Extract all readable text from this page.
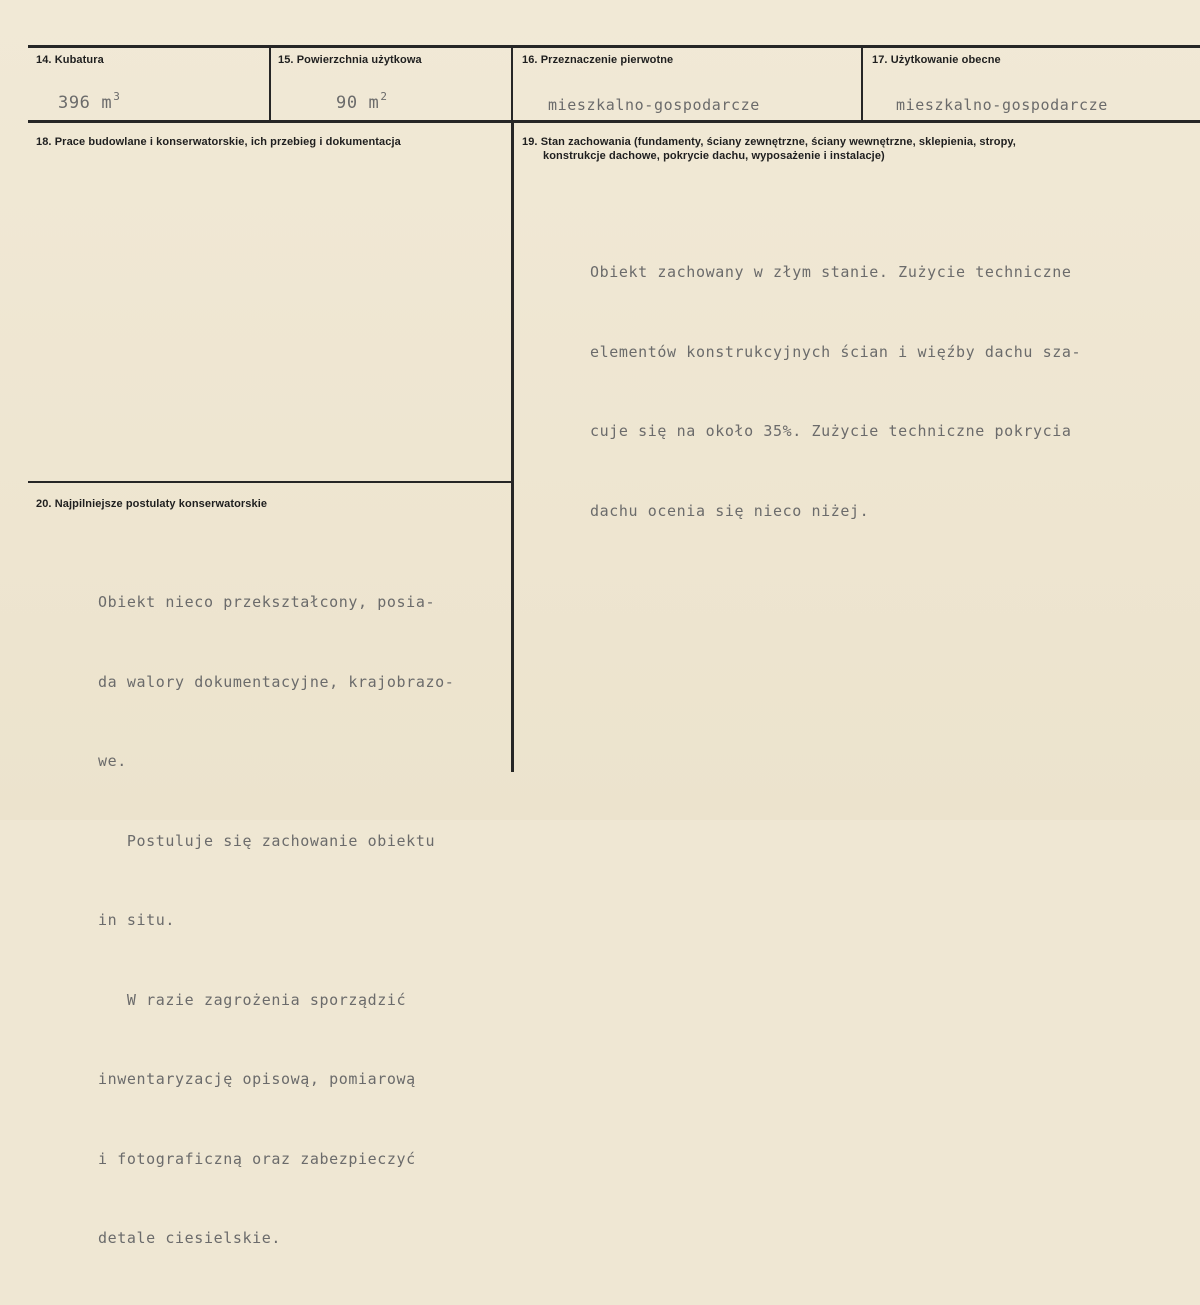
14. Kubatura
396 $m^3$
15. Powierzchnia użytkowa
90 $m^2$
16. Przeznaczenie pierwotne
mieszkalno-gospodarcze
17. Użytkowanie obecne
mieszkalno-gospodarcze
18. Prace budowlane i konserwatorskie, ich przebieg i dokumentacja	19. Stan zachowania (fundamenty, ściany zewnętrzne, ściany wewnętrzne, sklepienia, stropy,
konstrukcje dachowe, pokrycie dachu, wyposażenie i instalacje)

Obiekt zachowany w złym stanie. Zużycie techniczne

elementów konstrukcyjnych ścian i więźby dachu sza-

cuje się na około 35%. Zużycie techniczne pokrycia

dachu ocenia się nieco niżej.

20. Najpilniejsze postulaty konserwatorskie

Obiekt nieco przekształcony, posia-

da walory dokumentacyjne, krajobrazo-

we.

Postuluje się zachowanie obiektu

in situ.

W razie zagrożenia sporządzić

inwentaryzację opisową, pomiarową

i fotograficzną oraz zabezpieczyć

detale ciesielskie.
